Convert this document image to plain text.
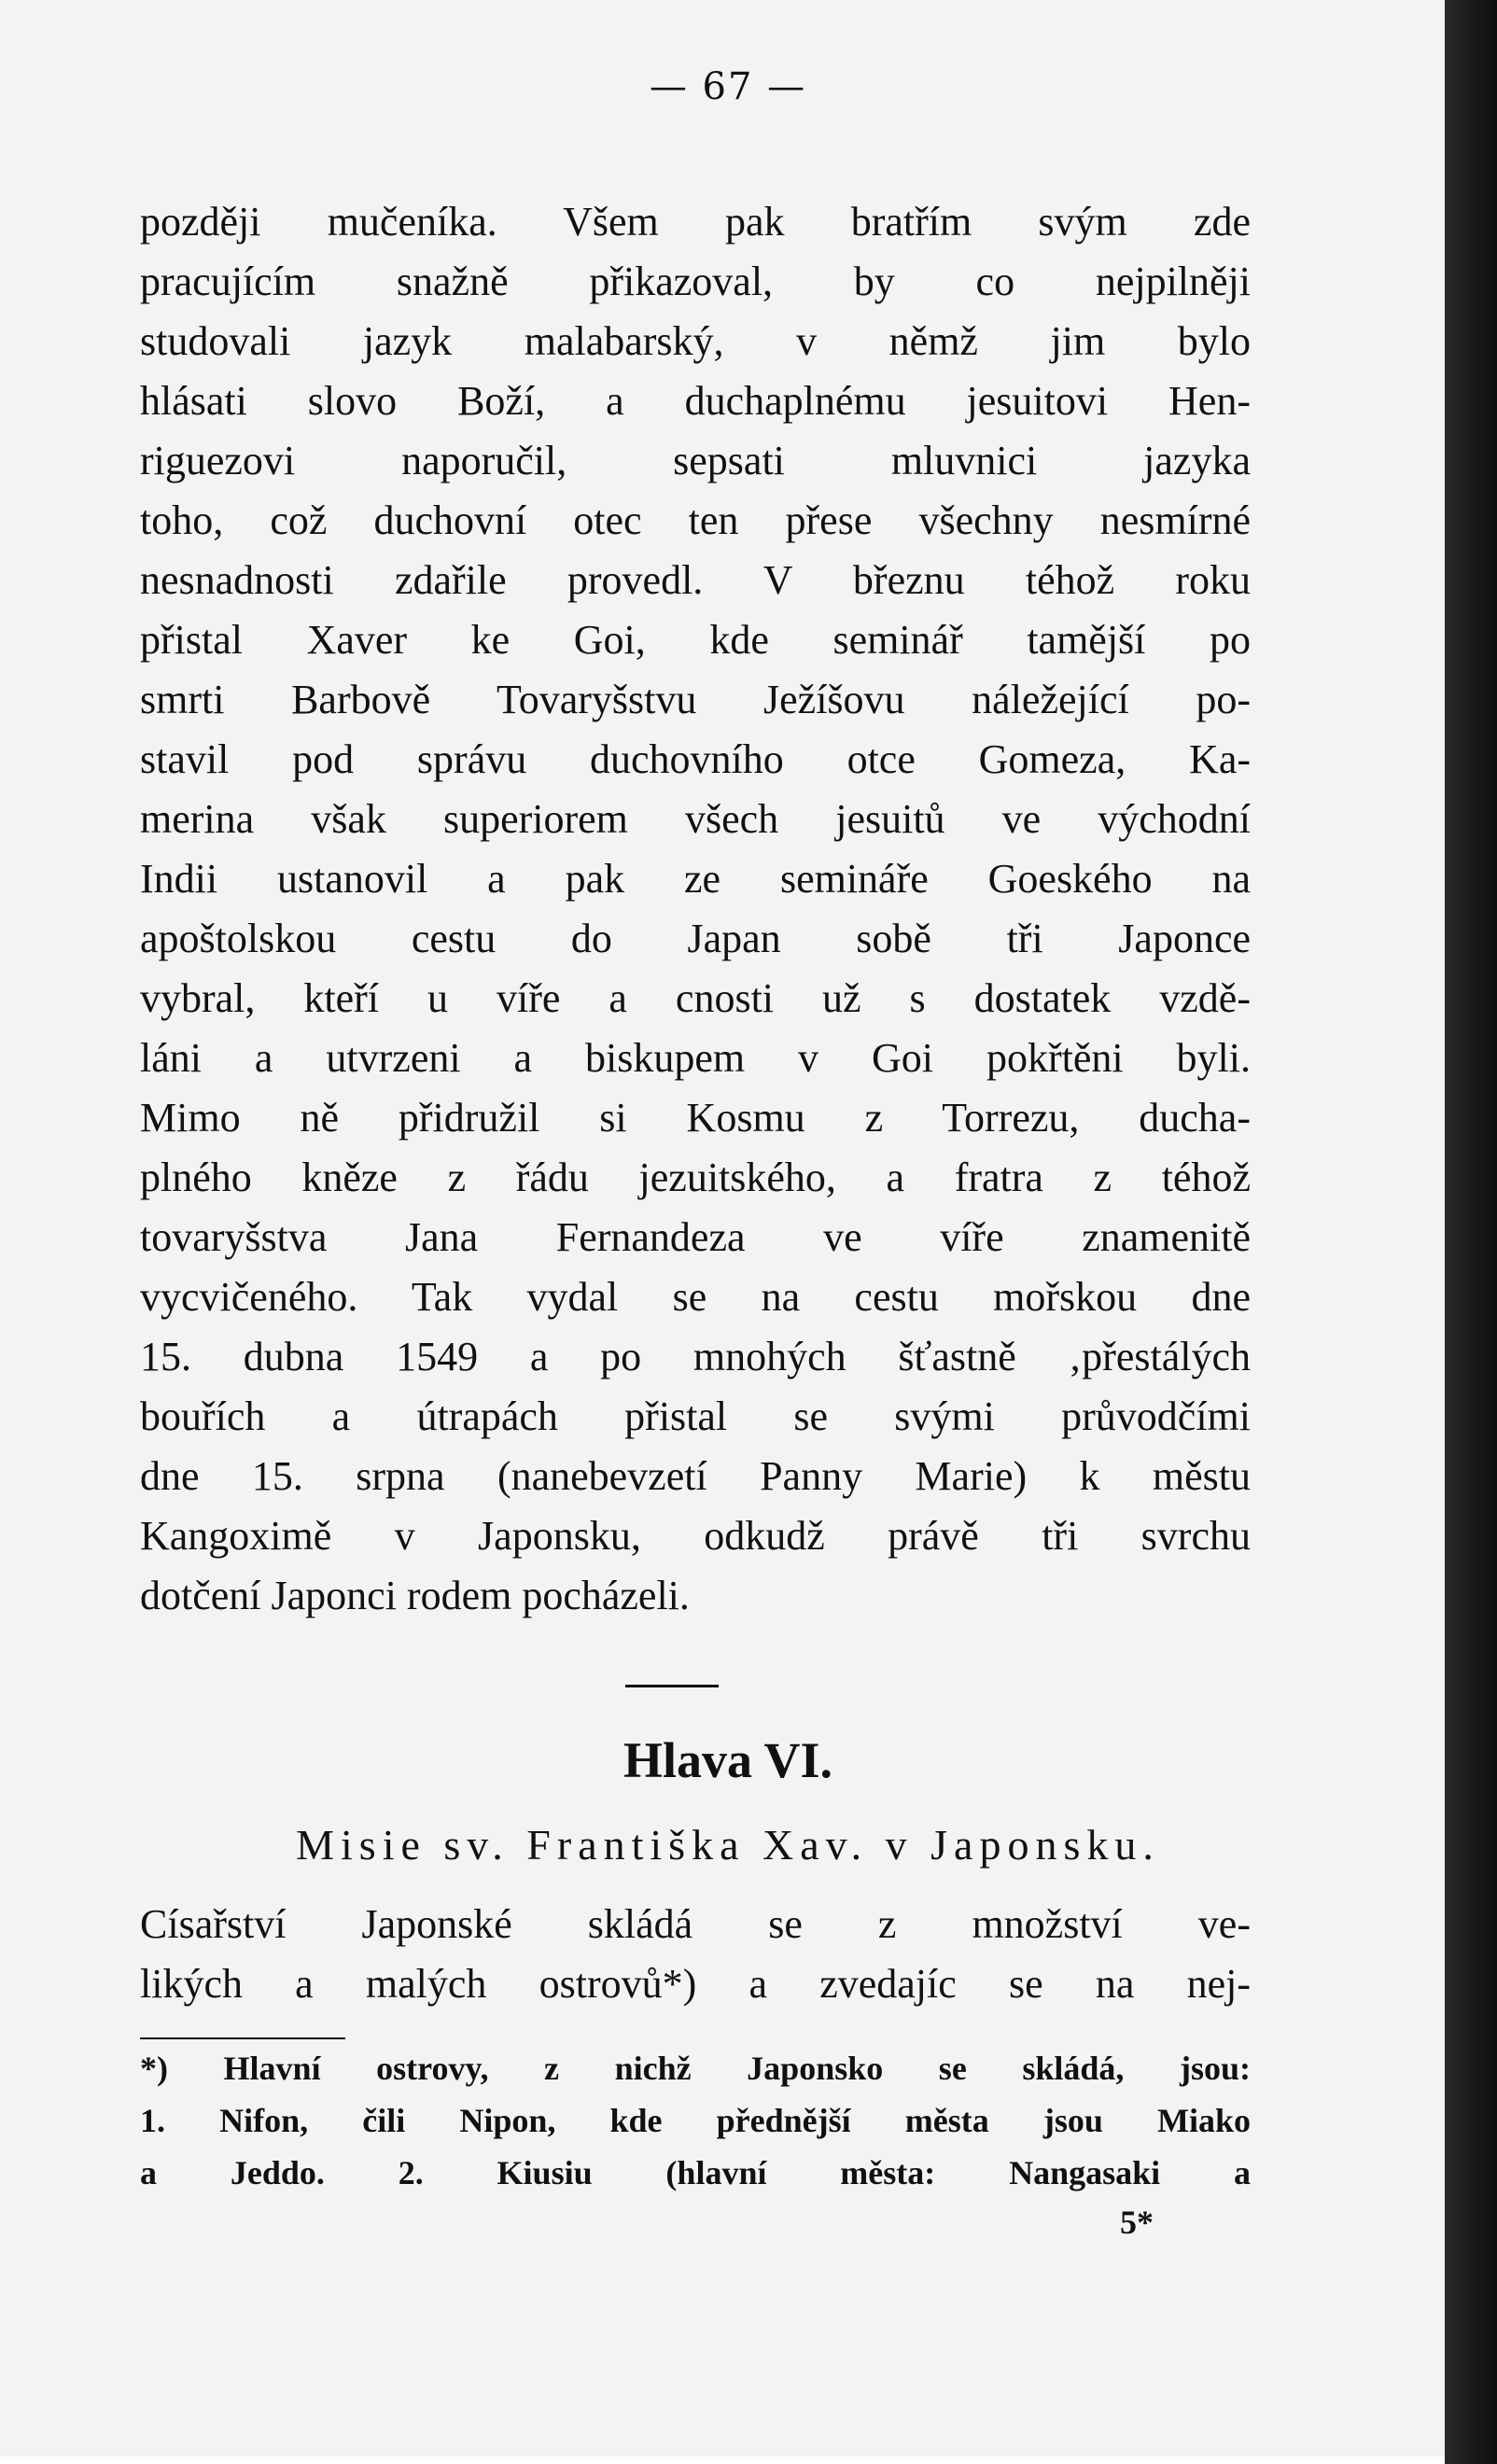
— 67 —
později mučeníka. Všem pak bratřím svým zde
pracujícím snažně přikazoval, by co nejpilněji
studovali jazyk malabarský, v němž jim bylo
hlásati slovo Boží, a duchaplnému jesuitovi Hen-
riguezovi naporučil, sepsati mluvnici jazyka
toho, což duchovní otec ten přese všechny nesmírné
nesnadnosti zdařile provedl. V březnu téhož roku
přistal Xaver ke Goi, kde seminář tamější po
smrti Barbově Tovaryšstvu Ježíšovu náležející po-
stavil pod správu duchovního otce Gomeza, Ka-
merina však superiorem všech jesuitů ve východní
Indii ustanovil a pak ze semináře Goeského na
apoštolskou cestu do Japan sobě tři Japonce
vybral, kteří u víře a cnosti už s dostatek vzdě-
láni a utvrzeni a biskupem v Goi pokřtěni byli.
Mimo ně přidružil si Kosmu z Torrezu, ducha-
plného kněze z řádu jezuitského, a fratra z téhož
tovaryšstva Jana Fernandeza ve víře znamenitě
vycvičeného. Tak vydal se na cestu mořskou dne
15. dubna 1549 a po mnohých šťastně ‚přestálých
bouřích a útrapách přistal se svými průvodčími
dne 15. srpna (nanebevzetí Panny Marie) k městu
Kangoximě v Japonsku, odkudž právě tři svrchu
dotčení Japonci rodem pocházeli.
Hlava VI.
Misie sv. Františka Xav. v Japonsku.
Císařství Japonské skládá se z množství ve-
likých a malých ostrovů*) a zvedajíc se na nej-
*) Hlavní ostrovy, z nichž Japonsko se skládá, jsou:
1. Nifon, čili Nipon, kde přednější města jsou Miako
a Jeddo. 2. Kiusiu (hlavní města: Nangasaki a
5*
